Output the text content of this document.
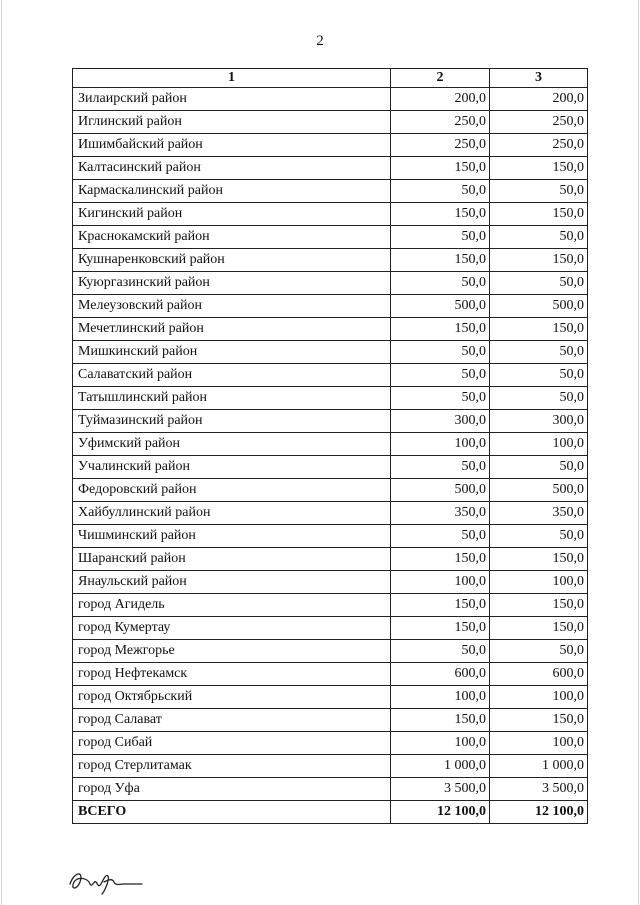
2
1	2	3
Зилаирский район	200,0	200,0
Иглинский район	250,0	250,0
Ишимбайский район	250,0	250,0
Калтасинский район	150,0	150,0
Кармаскалинский район	50,0	50,0
Кигинский район	150,0	150,0
Краснокамский район	50,0	50,0
Кушнаренковский район	150,0	150,0
Куюргазинский район	50,0	50,0
Мелеузовский район	500,0	500,0
Мечетлинский район	150,0	150,0
Мишкинский район	50,0	50,0
Салаватский район	50,0	50,0
Татышлинский район	50,0	50,0
Туймазинский район	300,0	300,0
Уфимский район	100,0	100,0
Учалинский район	50,0	50,0
Федоровский район	500,0	500,0
Хайбуллинский район	350,0	350,0
Чишминский район	50,0	50,0
Шаранский район	150,0	150,0
Янаульский район	100,0	100,0
город Агидель	150,0	150,0
город Кумертау	150,0	150,0
город Межгорье	50,0	50,0
город Нефтекамск	600,0	600,0
город Октябрьский	100,0	100,0
город Салават	150,0	150,0
город Сибай	100,0	100,0
город Стерлитамак	1 000,0	1 000,0
город Уфа	3 500,0	3 500,0
ВСЕГО	12 100,0	12 100,0
